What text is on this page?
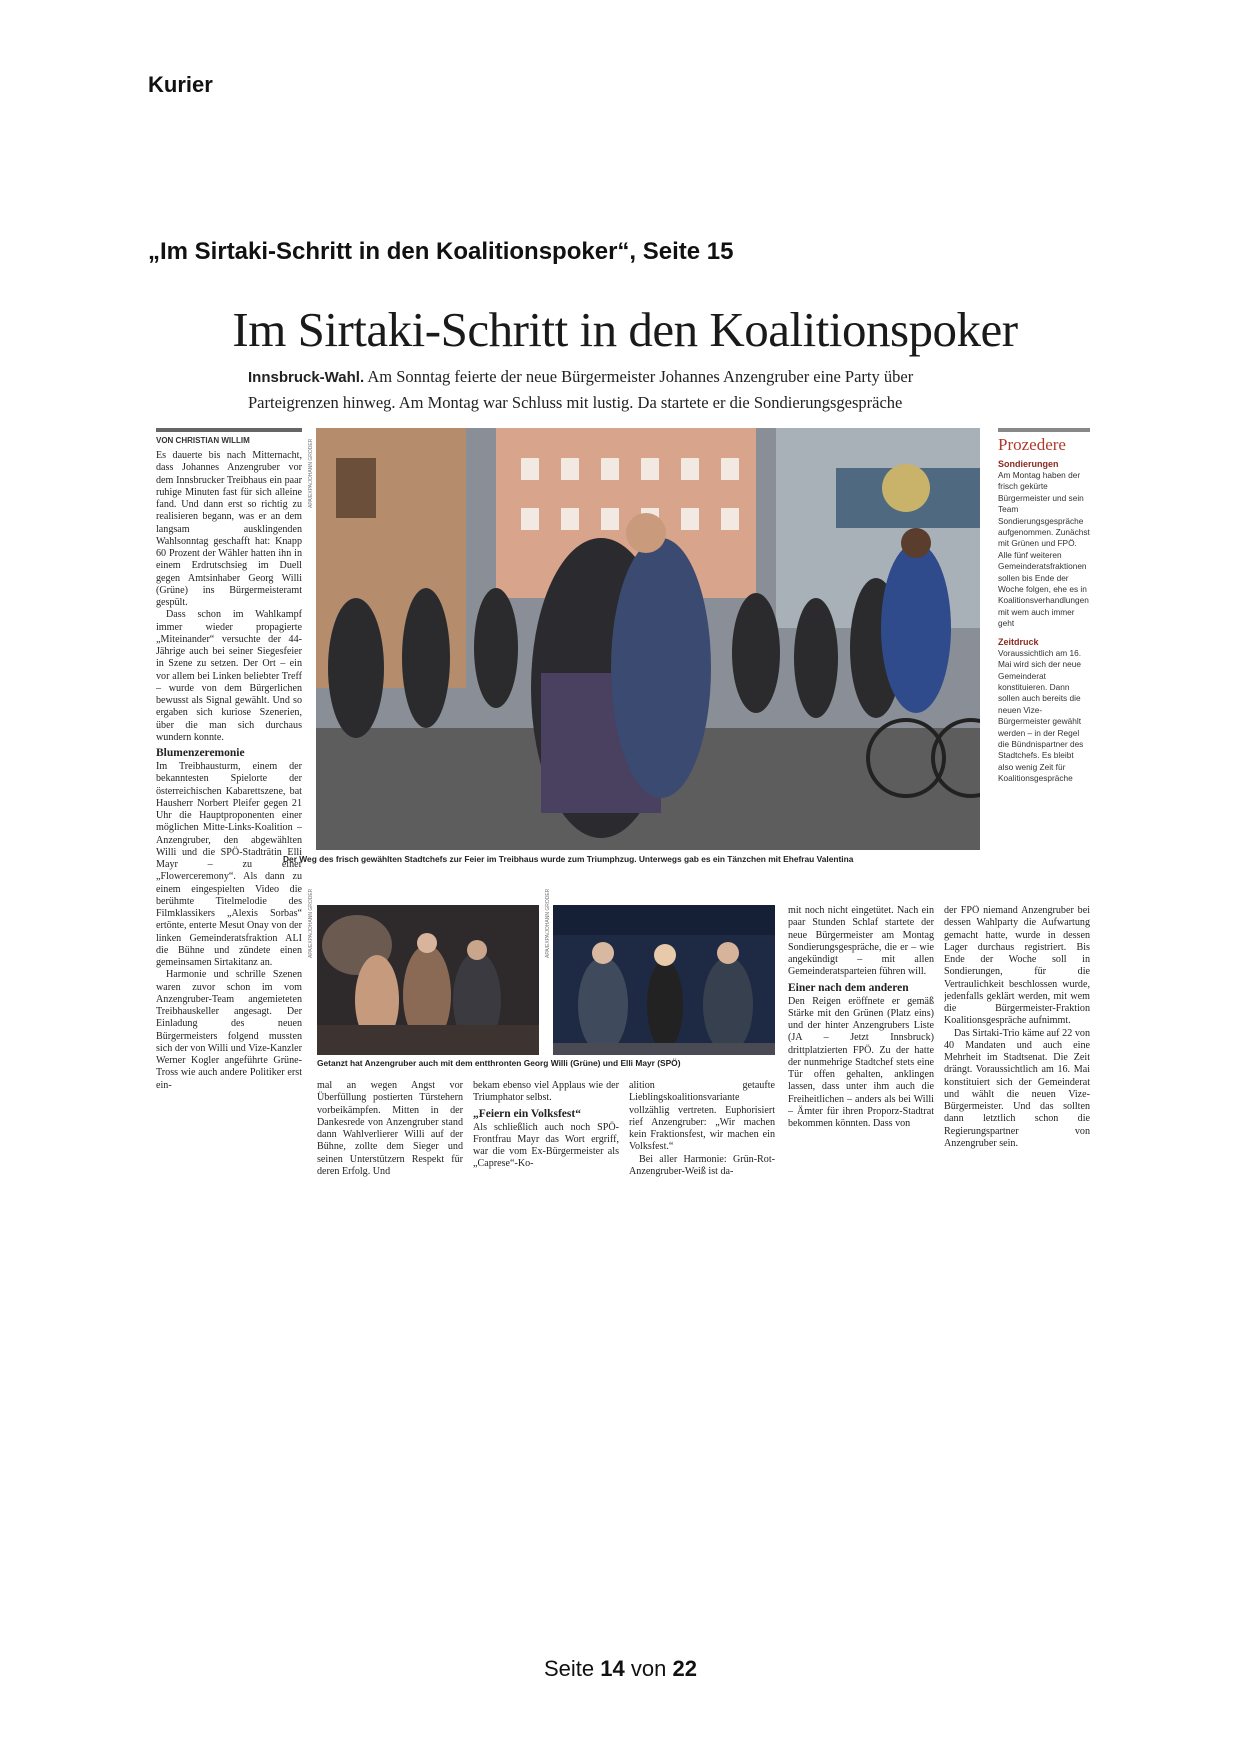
Kurier
„Im Sirtaki-Schritt in den Koalitionspoker“, Seite 15
Im Sirtaki-Schritt in den Koalitionspoker
Innsbruck-Wahl. Am Sonntag feierte der neue Bürgermeister Johannes Anzengruber eine Party über Parteigrenzen hinweg. Am Montag war Schluss mit lustig. Da startete er die Sondierungsgespräche
VON CHRISTIAN WILLIM

Es dauerte bis nach Mitternacht, dass Johannes Anzengruber vor dem Innsbrucker Treibhaus ein paar ruhige Minuten fast für sich alleine fand. Und dann erst so richtig zu realisieren begann, was er an dem langsam ausklingenden Wahlsonntag geschafft hat: Knapp 60 Prozent der Wähler hatten ihn in einem Erdrutschsieg im Duell gegen Amtsinhaber Georg Willi (Grüne) ins Bürgermeisteramt gespült.

Dass schon im Wahlkampf immer wieder propagierte „Miteinander“ versuchte der 44-Jährige auch bei seiner Siegesfeier in Szene zu setzen. Der Ort – ein vor allem bei Linken beliebter Treff – wurde von dem Bürgerlichen bewusst als Signal gewählt. Und so ergaben sich kuriose Szenerien, über die man sich durchaus wundern konnte.

Blumenzeremonie

Im Treibhausturm, einem der bekanntesten Spielorte der österreichischen Kabarettszene, bat Hausherr Norbert Pleifer gegen 21 Uhr die Hauptproponenten einer möglichen Mitte-Links-Koalition – Anzengruber, den abgewählten Willi und die SPÖ-Stadträtin Elli Mayr – zu einer „Flowerceremony“. Als dann zu einem eingespielten Video die berühmte Titelmelodie des Filmklassikers „Alexis Sorbas“ ertönte, enterte Mesut Onay von der linken Gemeinderatsfraktion ALI die Bühne und zündete einen gemeinsamen Sirtakitanz an.

Harmonie und schrille Szenen waren zuvor schon im vom Anzengruber-Team angemieteten Treibhauskeller angesagt. Der Einladung des neuen Bürgermeisters folgend mussten sich der von Willi und Vize-Kanzler Werner Kogler angeführte Grüne-Tross wie auch andere Politiker erst ein-

APA/EXPA/JOHANN GRODER
Der Weg des frisch gewählten Stadtchefs zur Feier im Treibhaus wurde zum Triumphzug. Unterwegs gab es ein Tänzchen mit Ehefrau Valentina
Prozedere
Sondierungen
Am Montag haben der frisch gekürte Bürgermeister und sein Team Sondierungsgespräche aufgenommen. Zunächst mit Grünen und FPÖ. Alle fünf weiteren Gemeinderatsfraktionen sollen bis Ende der Woche folgen, ehe es in Koalitionsverhandlungen mit wem auch immer geht
Zeitdruck
Voraussichtlich am 16. Mai wird sich der neue Gemeinderat konstituieren. Dann sollen auch bereits die neuen Vize-Bürgermeister gewählt werden – in der Regel die Bündnispartner des Stadtchefs. Es bleibt also wenig Zeit für Koalitionsgespräche
APA/EXPA/JOHANN GRODER	APA/EXPA/JOHANN GRODER
Getanzt hat Anzengruber auch mit dem entthronten Georg Willi (Grüne) und Elli Mayr (SPÖ)

mal an wegen Angst vor Überfüllung postierten Türstehern vorbeikämpfen. Mitten in der Dankesrede von Anzengruber stand dann Wahlverlierer Willi auf der Bühne, zollte dem Sieger und seinen Unterstützern Respekt für deren Erfolg. Und

bekam ebenso viel Applaus wie der Triumphator selbst.

„Feiern ein Volksfest“

Als schließlich auch noch SPÖ-Frontfrau Mayr das Wort ergriff, war die vom Ex-Bürgermeister als „Caprese“-Ko-

alition getaufte Lieblingskoalitionsvariante vollzählig vertreten. Euphorisiert rief Anzengruber: „Wir machen kein Fraktionsfest, wir machen ein Volksfest.“

Bei aller Harmonie: Grün-Rot-Anzengruber-Weiß ist da-

mit noch nicht eingetütet. Nach ein paar Stunden Schlaf startete der neue Bürgermeister am Montag Sondierungsgespräche, die er – wie angekündigt – mit allen Gemeinderatsparteien führen will.

Einer nach dem anderen

Den Reigen eröffnete er gemäß Stärke mit den Grünen (Platz eins) und der hinter Anzengrubers Liste (JA – Jetzt Innsbruck) drittplatzierten FPÖ. Zu der hatte der nunmehrige Stadtchef stets eine Tür offen gehalten, anklingen lassen, dass unter ihm auch die Freiheitlichen – anders als bei Willi – Ämter für ihren Proporz-Stadtrat bekommen könnten. Dass von

der FPÖ niemand Anzengruber bei dessen Wahlparty die Aufwartung gemacht hatte, wurde in dessen Lager durchaus registriert. Bis Ende der Woche soll in Sondierungen, für die Vertraulichkeit beschlossen wurde, jedenfalls geklärt werden, mit wem die Bürgermeister-Fraktion Koalitionsgespräche aufnimmt.

Das Sirtaki-Trio käme auf 22 von 40 Mandaten und auch eine Mehrheit im Stadtsenat. Die Zeit drängt. Voraussichtlich am 16. Mai konstituiert sich der Gemeinderat und wählt die neuen Vize-Bürgermeister. Und das sollten dann letztlich schon die Regierungspartner von Anzengruber sein.

Seite 14 von 22
